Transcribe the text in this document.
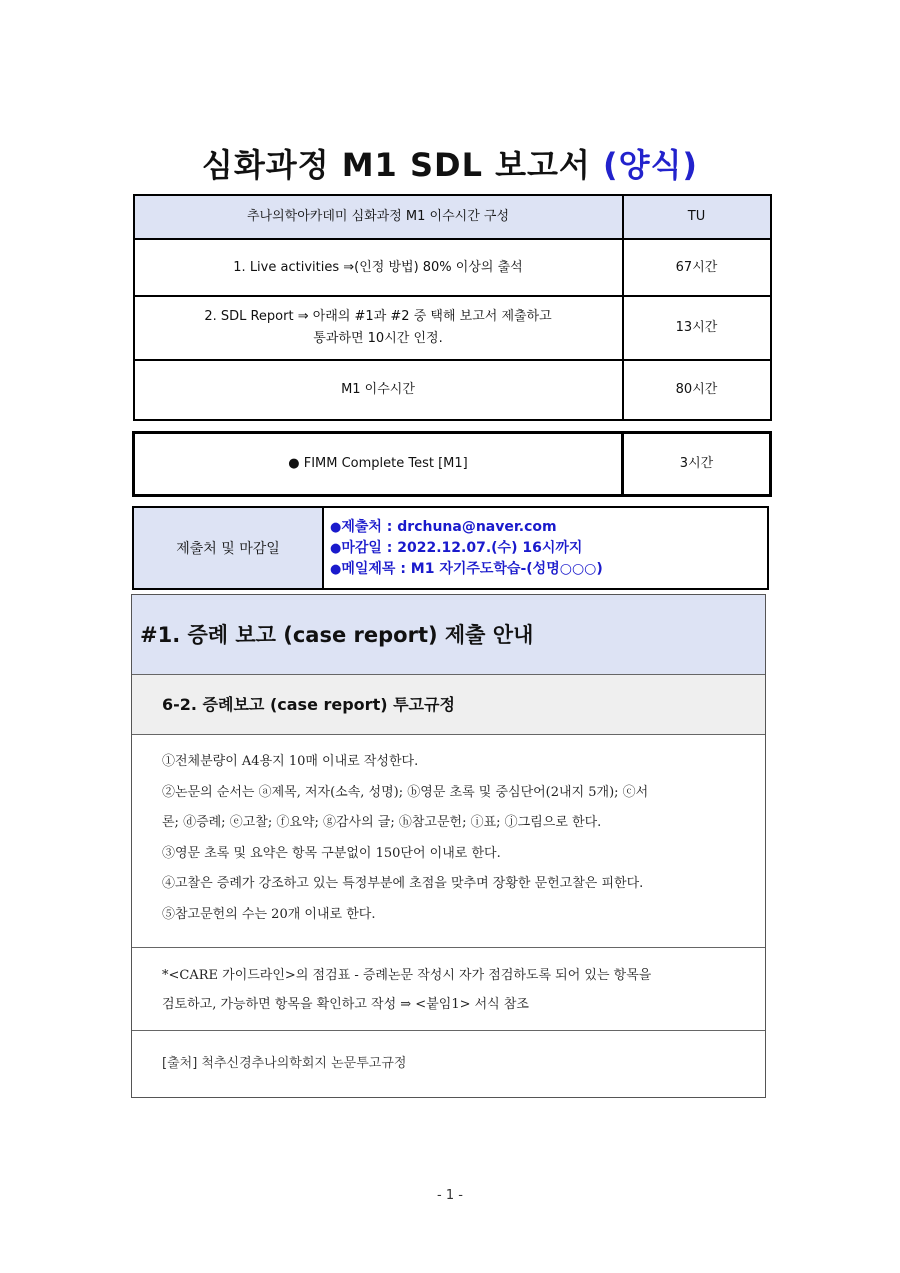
심화과정 M1 SDL 보고서 (양식)
추나의학아카데미 심화과정 M1 이수시간 구성	TU
1. Live activities ⇒(인정 방법) 80% 이상의 출석	67시간

2. SDL Report ⇒ 아래의 #1과 #2 중 택해 보고서 제출하고
통과하면 10시간 인정.	13시간
M1 이수시간	80시간

● FIMM Complete Test [M1]	3시간
제출처 및 마감일	
●제출처 : drchuna@naver.com
●마감일 : 2022.12.07.(수) 16시까지
●메일제목 : M1 자기주도학습-(성명○○○)
#1. 증례 보고 (case report) 제출 안내
6-2. 증례보고 (case report) 투고규정
①전체분량이 A4용지 10매 이내로 작성한다.
②논문의 순서는 ⓐ제목, 저자(소속, 성명); ⓑ영문 초록 및 중심단어(2내지 5개); ⓒ서
론; ⓓ증례; ⓔ고찰; ⓕ요약; ⓖ감사의 글; ⓗ참고문헌; ⓘ표; ⓙ그림으로 한다.
③영문 초록 및 요약은 항목 구분없이 150단어 이내로 한다.
④고찰은 증례가 강조하고 있는 특정부분에 초점을 맞추며 장황한 문헌고찰은 피한다.
⑤참고문헌의 수는 20개 이내로 한다.
*<CARE 가이드라인>의 점검표 - 증례논문 작성시 자가 점검하도록 되어 있는 항목을
검토하고, 가능하면 항목을 확인하고 작성 ⇒ <붙임1> 서식 참조
[출처] 척추신경추나의학회지 논문투고규정
- 1 -
